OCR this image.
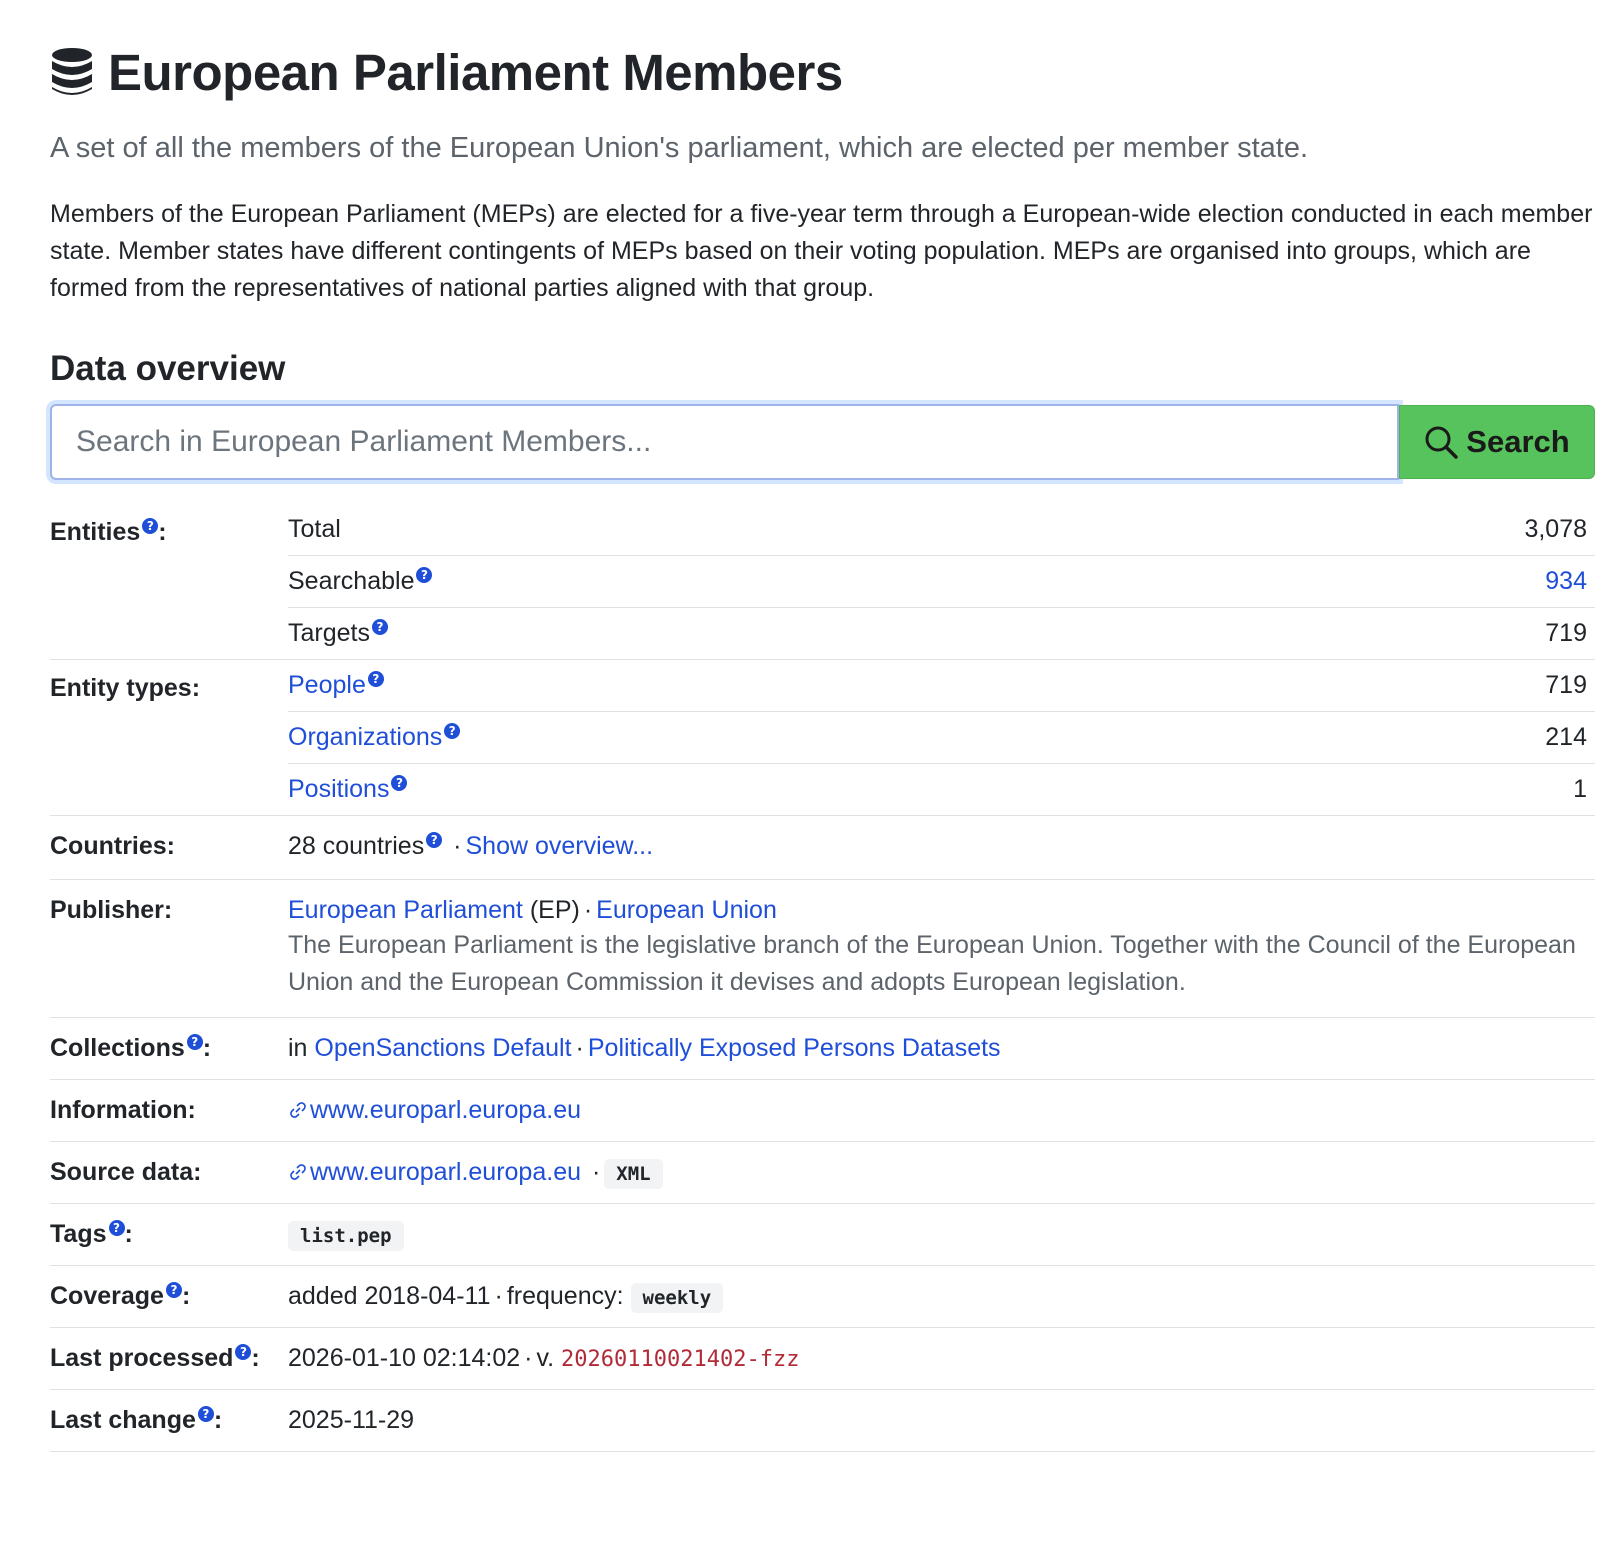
European Parliament Members

A set of all the members of the European Union's parliament, which are elected per member state.

Members of the European Parliament (MEPs) are elected for a five-year term through a European-wide election conducted in each member state. Member states have different contingents of MEPs based on their voting population. MEPs are organised into groups, which are formed from the representatives of national parties aligned with that group.

Data overview
Search in European Parliament Members...
Search
Entities ? :		Total	3,078
Searchable ?	934
Targets ?	719

Entity types:		People ?	719
Organizations ?	214
Positions ?	1

Countries:	28 countries ? · Show overview...
Publisher:	European Parliament (EP) · European Union
The European Parliament is the legislative branch of the European Union. Together with the Council of the European Union and the European Commission it devises and adopts European legislation.

Collections ? :	in OpenSanctions Default · Politically Exposed Persons Datasets
Information:	www.europarl.europa.eu
Source data:	www.europarl.europa.eu · XML
Tags ? :	list.pep
Coverage ? :	added 2018-04-11 · frequency: weekly
Last processed ? :	2026-01-10 02:14:02 · v. 20260110021402-fzz
Last change ? :	2025-11-29
